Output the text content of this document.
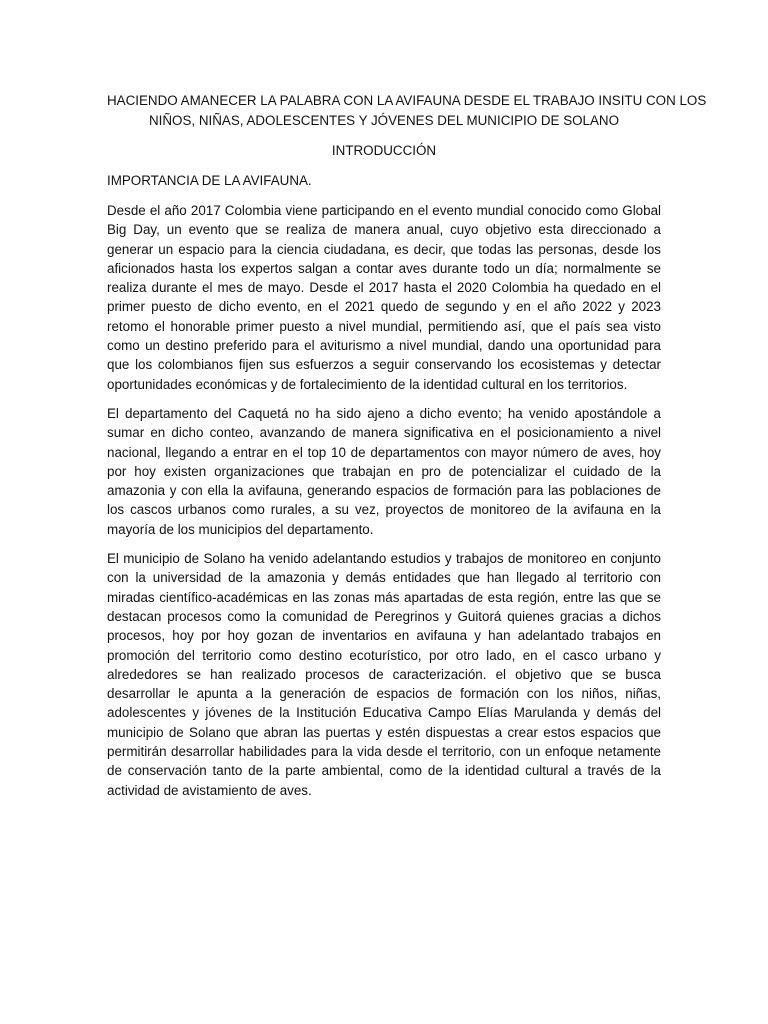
HACIENDO AMANECER LA PALABRA CON LA AVIFAUNA DESDE EL TRABAJO INSITU CON LOS
NIÑOS, NIÑAS, ADOLESCENTES Y JÓVENES DEL MUNICIPIO DE SOLANO

INTRODUCCIÓN

IMPORTANCIA DE LA AVIFAUNA.

Desde el año 2017 Colombia viene participando en el evento mundial conocido como Global Big Day, un evento que se realiza de manera anual, cuyo objetivo esta direccionado a generar un espacio para la ciencia ciudadana, es decir, que todas las personas, desde los aficionados hasta los expertos salgan a contar aves durante todo un día; normalmente se realiza durante el mes de mayo. Desde el 2017 hasta el 2020 Colombia ha quedado en el primer puesto de dicho evento, en el 2021 quedo de segundo y en el año 2022 y 2023 retomo el honorable primer puesto a nivel mundial, permitiendo así, que el país sea visto como un destino preferido para el aviturismo a nivel mundial, dando una oportunidad para que los colombianos fijen sus esfuerzos a seguir conservando los ecosistemas y detectar oportunidades económicas y de fortalecimiento de la identidad cultural en los territorios.

El departamento del Caquetá no ha sido ajeno a dicho evento; ha venido apostándole a sumar en dicho conteo, avanzando de manera significativa en el posicionamiento a nivel nacional, llegando a entrar en el top 10 de departamentos con mayor número de aves, hoy por hoy existen organizaciones que trabajan en pro de potencializar el cuidado de la amazonia y con ella la avifauna, generando espacios de formación para las poblaciones de los cascos urbanos como rurales, a su vez, proyectos de monitoreo de la avifauna en la mayoría de los municipios del departamento.

El municipio de Solano ha venido adelantando estudios y trabajos de monitoreo en conjunto con la universidad de la amazonia y demás entidades que han llegado al territorio con miradas científico-académicas en las zonas más apartadas de esta región, entre las que se destacan procesos como la comunidad de Peregrinos y Guitorá quienes gracias a dichos procesos, hoy por hoy gozan de inventarios en avifauna y han adelantado trabajos en promoción del territorio como destino ecoturístico, por otro lado, en el casco urbano y alrededores se han realizado procesos de caracterización. el objetivo que se busca desarrollar le apunta a la generación de espacios de formación con los niños, niñas, adolescentes y jóvenes de la Institución Educativa Campo Elías Marulanda y demás del municipio de Solano que abran las puertas y estén dispuestas a crear estos espacios que permitirán desarrollar habilidades para la vida desde el territorio, con un enfoque netamente de conservación tanto de la parte ambiental, como de la identidad cultural a través de la actividad de avistamiento de aves.
